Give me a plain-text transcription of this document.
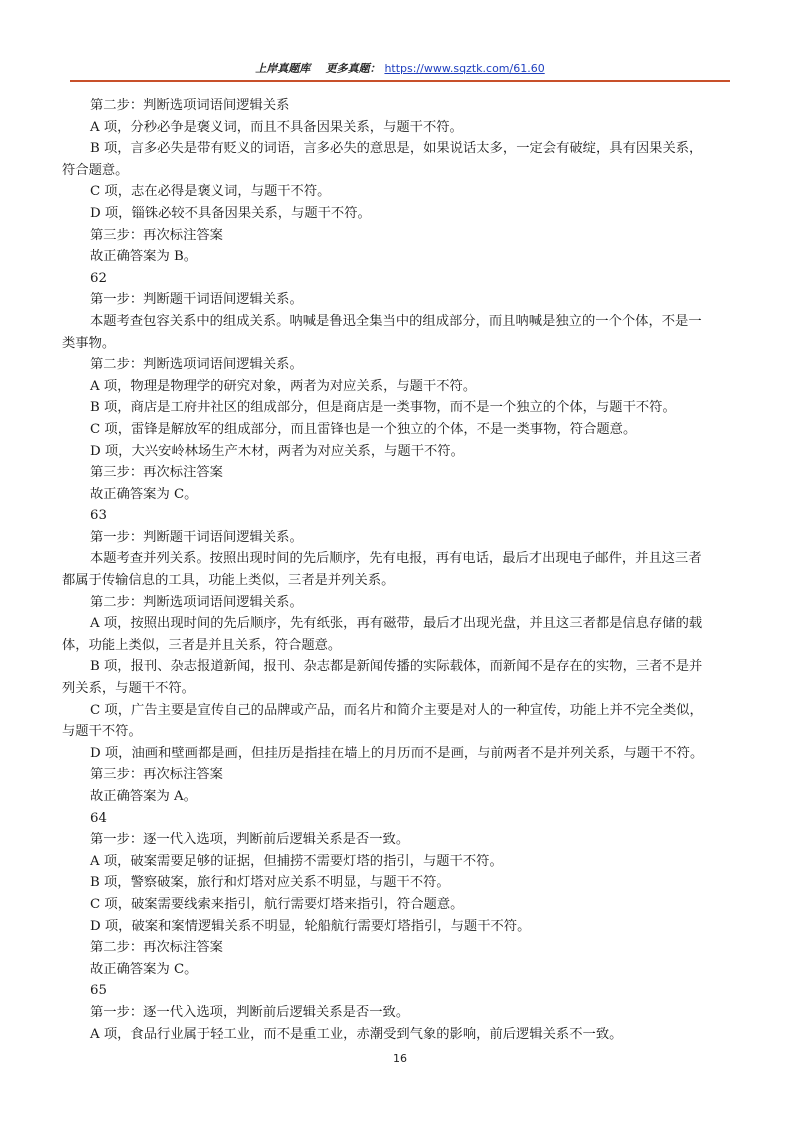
上岸真题库 更多真题： https://www.sqztk.com/61.60
第二步：判断选项词语间逻辑关系
A 项，分秒必争是褒义词，而且不具备因果关系，与题干不符。
B 项，言多必失是带有贬义的词语，言多必失的意思是，如果说话太多，一定会有破绽，具有因果关系，
符合题意。
C 项，志在必得是褒义词，与题干不符。
D 项，锱铢必较不具备因果关系，与题干不符。
第三步：再次标注答案
故正确答案为 B。
62
第一步：判断题干词语间逻辑关系。
本题考查包容关系中的组成关系。呐喊是鲁迅全集当中的组成部分，而且呐喊是独立的一个个体，不是一
类事物。
第二步：判断选项词语间逻辑关系。
A 项，物理是物理学的研究对象，两者为对应关系，与题干不符。
B 项，商店是工府井社区的组成部分，但是商店是一类事物，而不是一个独立的个体，与题干不符。
C 项，雷锋是解放军的组成部分，而且雷锋也是一个独立的个体，不是一类事物，符合题意。
D 项，大兴安岭林场生产木材，两者为对应关系，与题干不符。
第三步：再次标注答案
故正确答案为 C。
63
第一步：判断题干词语间逻辑关系。
本题考查并列关系。按照出现时间的先后顺序，先有电报，再有电话，最后才出现电子邮件，并且这三者
都属于传输信息的工具，功能上类似，三者是并列关系。
第二步：判断选项词语间逻辑关系。
A 项，按照出现时间的先后顺序，先有纸张，再有磁带，最后才出现光盘，并且这三者都是信息存储的载
体，功能上类似，三者是并且关系，符合题意。
B 项，报刊、杂志报道新闻，报刊、杂志都是新闻传播的实际载体，而新闻不是存在的实物，三者不是并
列关系，与题干不符。
C 项，广告主要是宣传自己的品牌或产品，而名片和简介主要是对人的一种宣传，功能上并不完全类似，
与题干不符。
D 项，油画和壁画都是画，但挂历是指挂在墙上的月历而不是画，与前两者不是并列关系，与题干不符。
第三步：再次标注答案
故正确答案为 A。
64
第一步：逐一代入选项，判断前后逻辑关系是否一致。
A 项，破案需要足够的证据，但捕捞不需要灯塔的指引，与题干不符。
B 项，警察破案，旅行和灯塔对应关系不明显，与题干不符。
C 项，破案需要线索来指引，航行需要灯塔来指引，符合题意。
D 项，破案和案情逻辑关系不明显，轮船航行需要灯塔指引，与题干不符。
第二步：再次标注答案
故正确答案为 C。
65
第一步：逐一代入选项，判断前后逻辑关系是否一致。
A 项，食品行业属于轻工业，而不是重工业，赤潮受到气象的影响，前后逻辑关系不一致。
16
